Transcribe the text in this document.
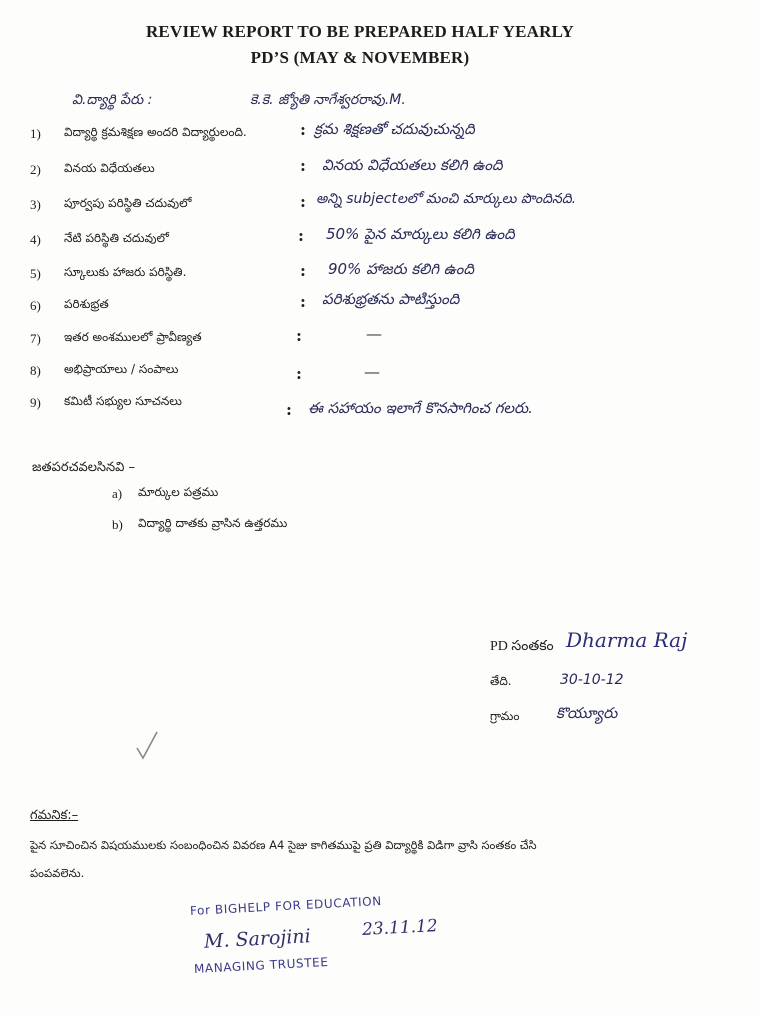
REVIEW REPORT TO BE PREPARED HALF YEARLY
PD’S (MAY & NOVEMBER)
వి.ద్యార్థి పేరు :	కె.కె. జ్యోతి నాగేశ్వరరావు.M.
1)	విద్యార్థి క్రమశిక్షణ అందరి విద్యార్థులంది.	: క్రమ శిక్షణతో చదువుచున్నది
2)	వినయ విధేయతలు	: వినయ విధేయతలు కలిగి ఉంది
3)	పూర్వపు పరిస్థితి చదువులో	: అన్ని subjectలలో మంచి మార్కులు పొందినది.
4)	నేటి పరిస్థితి చదువులో	: 50% పైన మార్కులు కలిగి ఉంది
5)	స్కూలుకు హాజరు పరిస్థితి.	: 90% హాజరు కలిగి ఉంది
6)	పరిశుభ్రత	: పరిశుభ్రతను పాటిస్తుంది
7)	ఇతర అంశములలో ప్రావీణ్యత	:	—
8)	అభిప్రాయాలు / సంపాలు	:	—
9)	కమిటీ సభ్యుల సూచనలు	: ఈ సహాయం ఇలాగే కొనసాగించ గలరు.
జతపరచవలసినవి –
a) మార్కుల పత్రము
b) విద్యార్థి దాతకు వ్రాసిన ఉత్తరము
PD సంతకం Dharma Raj
తేది.	30-10-12
గ్రామం కొయ్యూరు
గమనిక:–
పైన సూచించిన విషయములకు సంబంధించిన వివరణ A4 సైజు కాగితముపై ప్రతి విద్యార్థికి విడిగా వ్రాసి సంతకం చేసి
పంపవలెను.
For BIGHELP FOR EDUCATION
M. Sarojini	23.11.12
MANAGING TRUSTEE
